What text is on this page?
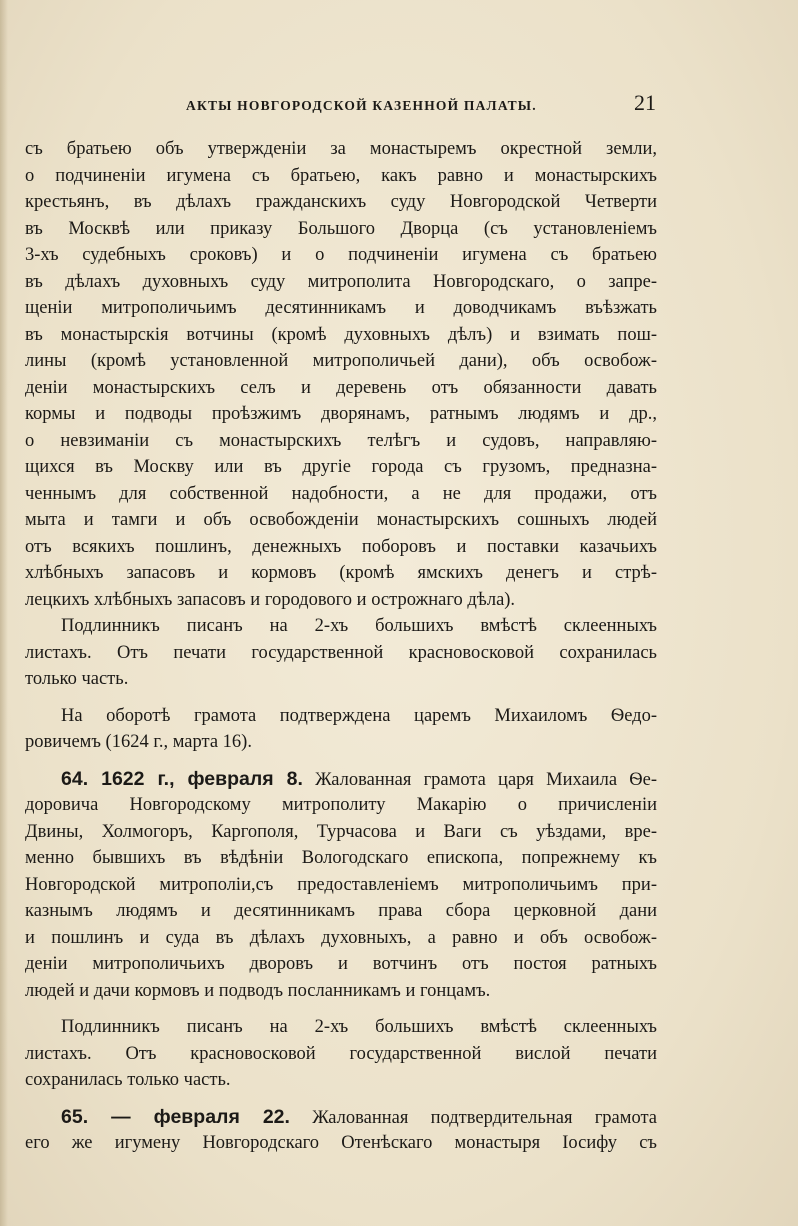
АКТЫ НОВГОРОДСКОЙ КАЗЕННОЙ ПАЛАТЫ.	21
съ братьею объ утвержденіи за монастыремъ окрестной земли,
о подчиненіи игумена съ братьею, какъ равно и монастырскихъ
крестьянъ, въ дѣлахъ гражданскихъ суду Новгородской Четверти
въ Москвѣ или приказу Большого Дворца (съ установленіемъ
3-хъ судебныхъ сроковъ) и о подчиненіи игумена съ братьею
въ дѣлахъ духовныхъ суду митрополита Новгородскаго, о запре-
щеніи митрополичьимъ десятинникамъ и доводчикамъ въѣзжать
въ монастырскія вотчины (кромѣ духовныхъ дѣлъ) и взимать пош-
лины (кромѣ установленной митрополичьей дани), объ освобож-
деніи монастырскихъ селъ и деревень отъ обязанности давать
кормы и подводы проѣзжимъ дворянамъ, ратнымъ людямъ и др.,
о невзиманіи съ монастырскихъ телѣгъ и судовъ, направляю-
щихся въ Москву или въ другіе города съ грузомъ, предназна-
ченнымъ для собственной надобности, а не для продажи, отъ
мыта и тамги и объ освобожденіи монастырскихъ сошныхъ людей
отъ всякихъ пошлинъ, денежныхъ поборовъ и поставки казачьихъ
хлѣбныхъ запасовъ и кормовъ (кромѣ ямскихъ денегъ и стрѣ-
лецкихъ хлѣбныхъ запасовъ и городового и острожнаго дѣла).
Подлинникъ писанъ на 2-хъ большихъ вмѣстѣ склеенныхъ
листахъ. Отъ печати государственной красновосковой сохранилась
только часть.
На оборотѣ грамота подтверждена царемъ Михаиломъ Ѳедо-
ровичемъ (1624 г., марта 16).
64. 1622 г., февраля 8. Жалованная грамота царя Михаила Ѳе-
доровича Новгородскому митрополиту Макарію о причисленіи
Двины, Холмогоръ, Каргополя, Турчасова и Ваги съ уѣздами, вре-
менно бывшихъ въ вѣдѣніи Вологодскаго епископа, попрежнему къ
Новгородской митрополіи,съ предоставленіемъ митрополичьимъ при-
казнымъ людямъ и десятинникамъ права сбора церковной дани
и пошлинъ и суда въ дѣлахъ духовныхъ, а равно и объ освобож-
деніи митрополичьихъ дворовъ и вотчинъ отъ постоя ратныхъ
людей и дачи кормовъ и подводъ посланникамъ и гонцамъ.
Подлинникъ писанъ на 2-хъ большихъ вмѣстѣ склеенныхъ
листахъ. Отъ красновосковой государственной вислой печати
сохранилась только часть.
65. — февраля 22. Жалованная подтвердительная грамота
его же игумену Новгородскаго Отенѣскаго монастыря Іосифу съ
